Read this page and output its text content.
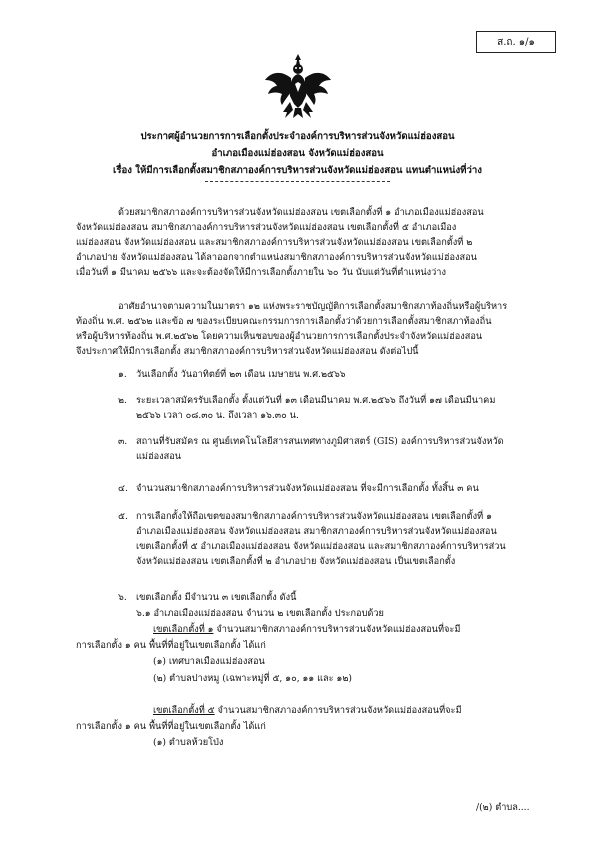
ส.ถ. ๑/๑
ประกาศผู้อำนวยการการเลือกตั้งประจำองค์การบริหารส่วนจังหวัดแม่ฮ่องสอน
อำเภอเมืองแม่ฮ่องสอน จังหวัดแม่ฮ่องสอน
เรื่อง ให้มีการเลือกตั้งสมาชิกสภาองค์การบริหารส่วนจังหวัดแม่ฮ่องสอน แทนตำแหน่งที่ว่าง
ด้วยสมาชิกสภาองค์การบริหารส่วนจังหวัดแม่ฮ่องสอน เขตเลือกตั้งที่ ๑ อำเภอเมืองแม่ฮ่องสอน
จังหวัดแม่ฮ่องสอน สมาชิกสภาองค์การบริหารส่วนจังหวัดแม่ฮ่องสอน เขตเลือกตั้งที่ ๕ อำเภอเมือง
แม่ฮ่องสอน จังหวัดแม่ฮ่องสอน และสมาชิกสภาองค์การบริหารส่วนจังหวัดแม่ฮ่องสอน เขตเลือกตั้งที่ ๒
อำเภอปาย จังหวัดแม่ฮ่องสอน ได้ลาออกจากตำแหน่งสมาชิกสภาองค์การบริหารส่วนจังหวัดแม่ฮ่องสอน
เมื่อวันที่ ๑ มีนาคม ๒๕๖๖ และจะต้องจัดให้มีการเลือกตั้งภายใน ๖๐ วัน นับแต่วันที่ตำแหน่งว่าง
อาศัยอำนาจตามความในมาตรา ๑๒ แห่งพระราชบัญญัติการเลือกตั้งสมาชิกสภาท้องถิ่นหรือผู้บริหาร
ท้องถิ่น พ.ศ. ๒๕๖๒ และข้อ ๗ ของระเบียบคณะกรรมการการเลือกตั้งว่าด้วยการเลือกตั้งสมาชิกสภาท้องถิ่น
หรือผู้บริหารท้องถิ่น พ.ศ.๒๕๖๒ โดยความเห็นชอบของผู้อำนวยการการเลือกตั้งประจำจังหวัดแม่ฮ่องสอน
จึงประกาศให้มีการเลือกตั้ง สมาชิกสภาองค์การบริหารส่วนจังหวัดแม่ฮ่องสอน ดังต่อไปนี้
๑. วันเลือกตั้ง วันอาทิตย์ที่ ๒๓ เดือน เมษายน พ.ศ.๒๕๖๖
๒. ระยะเวลาสมัครรับเลือกตั้ง ตั้งแต่วันที่ ๑๓ เดือนมีนาคม พ.ศ.๒๕๖๖ ถึงวันที่ ๑๗ เดือนมีนาคม
๒๕๖๖ เวลา ๐๘.๓๐ น. ถึงเวลา ๑๖.๓๐ น.
๓. สถานที่รับสมัคร ณ ศูนย์เทคโนโลยีสารสนเทศทางภูมิศาสตร์ (GIS) องค์การบริหารส่วนจังหวัด
แม่ฮ่องสอน
๔. จำนวนสมาชิกสภาองค์การบริหารส่วนจังหวัดแม่ฮ่องสอน ที่จะมีการเลือกตั้ง ทั้งสิ้น ๓ คน
๕. การเลือกตั้งให้ถือเขตของสมาชิกสภาองค์การบริหารส่วนจังหวัดแม่ฮ่องสอน เขตเลือกตั้งที่ ๑
อำเภอเมืองแม่ฮ่องสอน จังหวัดแม่ฮ่องสอน สมาชิกสภาองค์การบริหารส่วนจังหวัดแม่ฮ่องสอน
เขตเลือกตั้งที่ ๕ อำเภอเมืองแม่ฮ่องสอน จังหวัดแม่ฮ่องสอน และสมาชิกสภาองค์การบริหารส่วน
จังหวัดแม่ฮ่องสอน เขตเลือกตั้งที่ ๒ อำเภอปาย จังหวัดแม่ฮ่องสอน เป็นเขตเลือกตั้ง
๖. เขตเลือกตั้ง มีจำนวน ๓ เขตเลือกตั้ง ดังนี้
๖.๑ อำเภอเมืองแม่ฮ่องสอน จำนวน ๒ เขตเลือกตั้ง ประกอบด้วย
เขตเลือกตั้งที่ ๑ จำนวนสมาชิกสภาองค์การบริหารส่วนจังหวัดแม่ฮ่องสอนที่จะมี
การเลือกตั้ง ๑ คน พื้นที่ที่อยู่ในเขตเลือกตั้ง ได้แก่
(๑) เทศบาลเมืองแม่ฮ่องสอน
(๒) ตำบลปางหมู (เฉพาะหมู่ที่ ๕, ๑๐, ๑๑ และ ๑๒)
เขตเลือกตั้งที่ ๕ จำนวนสมาชิกสภาองค์การบริหารส่วนจังหวัดแม่ฮ่องสอนที่จะมี
การเลือกตั้ง ๑ คน พื้นที่ที่อยู่ในเขตเลือกตั้ง ได้แก่
(๑) ตำบลห้วยโป่ง
/(๒) ตำบล....
